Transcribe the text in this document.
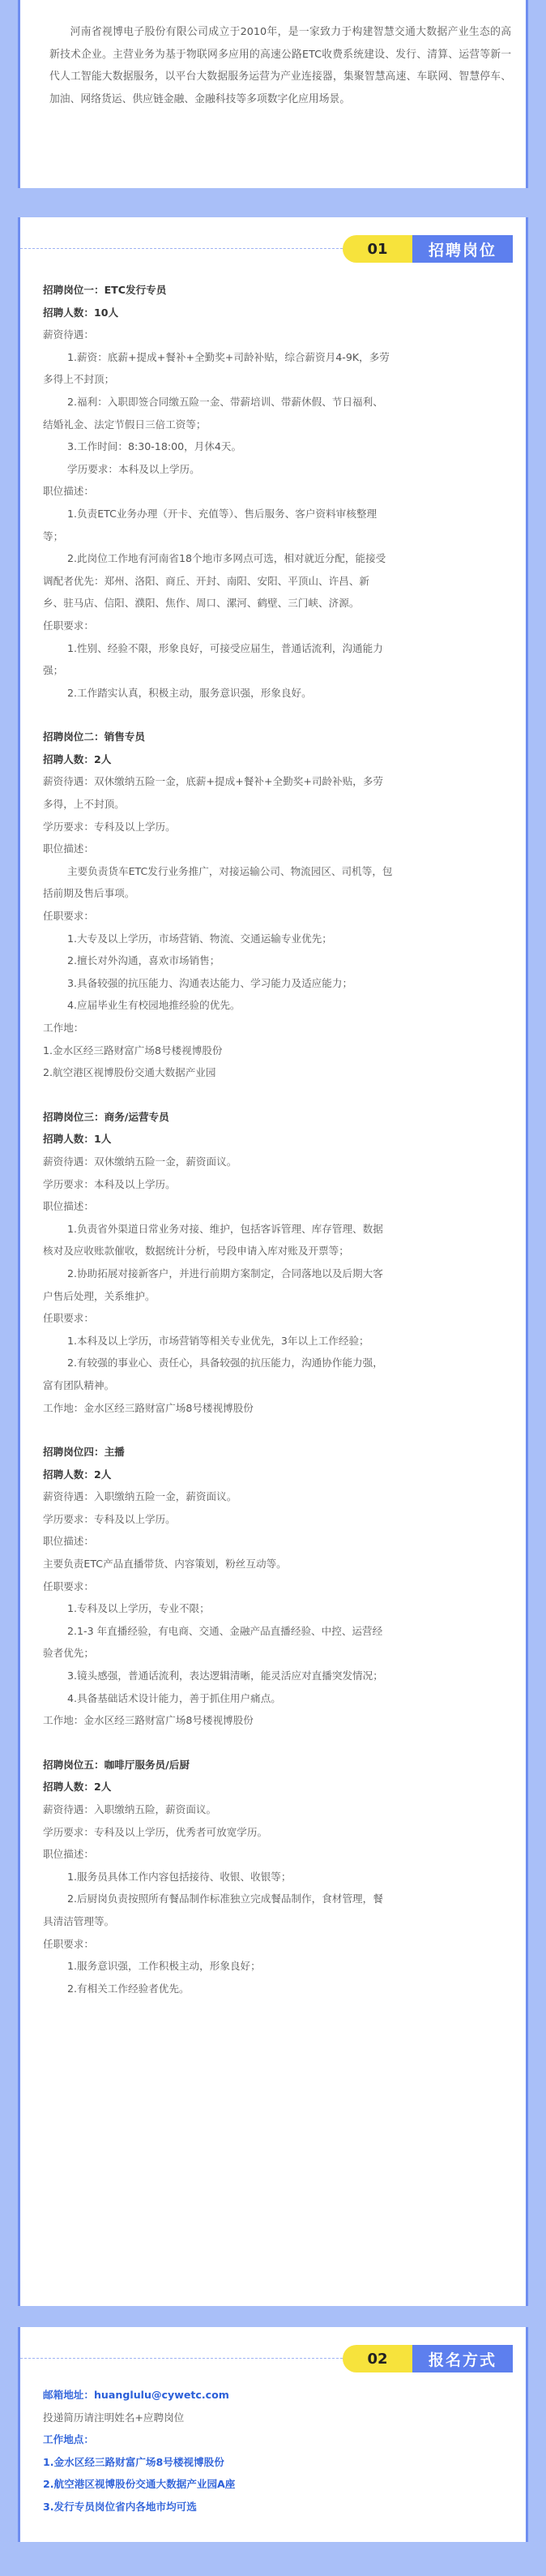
河南省视博电子股份有限公司成立于2010年，是一家致力于构建智慧交通大数据产业生态的高新技术企业。主营业务为基于物联网多应用的高速公路ETC收费系统建设、发行、清算、运营等新一代人工智能大数据服务，以平台大数据服务运营为产业连接器，集聚智慧高速、车联网、智慧停车、加油、网络货运、供应链金融、金融科技等多项数字化应用场景。

01	招聘岗位
招聘岗位一：ETC发行专员
招聘人数：10人
薪资待遇：
1.薪资：底薪+提成+餐补+全勤奖+司龄补贴，综合薪资月4-9K，多劳
多得上不封顶；
2.福利：入职即签合同缴五险一金、带薪培训、带薪休假、节日福利、
结婚礼金、法定节假日三倍工资等；
3.工作时间：8:30-18:00，月休4天。
学历要求：本科及以上学历。
职位描述：
1.负责ETC业务办理（开卡、充值等）、售后服务、客户资料审核整理
等；
2.此岗位工作地有河南省18个地市多网点可选，相对就近分配，能接受
调配者优先：郑州、洛阳、商丘、开封、南阳、安阳、平顶山、许昌、新
乡、驻马店、信阳、濮阳、焦作、周口、漯河、鹤壁、三门峡、济源。
任职要求：
1.性别、经验不限，形象良好，可接受应届生，普通话流利，沟通能力
强；
2.工作踏实认真，积极主动，服务意识强，形象良好。
招聘岗位二：销售专员
招聘人数：2人
薪资待遇：双休缴纳五险一金，底薪+提成+餐补+全勤奖+司龄补贴，多劳
多得，上不封顶。
学历要求：专科及以上学历。
职位描述：
主要负责货车ETC发行业务推广，对接运输公司、物流园区、司机等，包
括前期及售后事项。
任职要求：
1.大专及以上学历，市场营销、物流、交通运输专业优先；
2.擅长对外沟通，喜欢市场销售；
3.具备较强的抗压能力、沟通表达能力、学习能力及适应能力；
4.应届毕业生有校园地推经验的优先。
工作地：
1.金水区经三路财富广场8号楼视博股份
2.航空港区视博股份交通大数据产业园
招聘岗位三：商务/运营专员
招聘人数：1人
薪资待遇：双休缴纳五险一金，薪资面议。
学历要求：本科及以上学历。
职位描述：
1.负责省外渠道日常业务对接、维护，包括客诉管理、库存管理、数据
核对及应收账款催收，数据统计分析，号段申请入库对账及开票等；
2.协助拓展对接新客户，并进行前期方案制定，合同落地以及后期大客
户售后处理，关系维护。
任职要求：
1.本科及以上学历，市场营销等相关专业优先，3年以上工作经验；
2.有较强的事业心、责任心，具备较强的抗压能力，沟通协作能力强，
富有团队精神。
工作地：金水区经三路财富广场8号楼视博股份
招聘岗位四：主播
招聘人数：2人
薪资待遇：入职缴纳五险一金，薪资面议。
学历要求：专科及以上学历。
职位描述：
主要负责ETC产品直播带货、内容策划，粉丝互动等。
任职要求：
1.专科及以上学历，专业不限；
2.1-3 年直播经验，有电商、交通、金融产品直播经验、中控、运营经
验者优先；
3.镜头感强，普通话流利，表达逻辑清晰，能灵活应对直播突发情况；
4.具备基础话术设计能力，善于抓住用户痛点。
工作地：金水区经三路财富广场8号楼视博股份
招聘岗位五：咖啡厅服务员/后厨
招聘人数：2人
薪资待遇：入职缴纳五险，薪资面议。
学历要求：专科及以上学历，优秀者可放宽学历。
职位描述：
1.服务员具体工作内容包括接待、收银、收银等；
2.后厨岗负责按照所有餐品制作标准独立完成餐品制作，食材管理，餐
具清洁管理等。
任职要求：
1.服务意识强，工作积极主动，形象良好；
2.有相关工作经验者优先。
02	报名方式
邮箱地址：huanglulu@cywetc.com
投递简历请注明姓名+应聘岗位
工作地点：
1.金水区经三路财富广场8号楼视博股份
2.航空港区视博股份交通大数据产业园A座
3.发行专员岗位省内各地市均可选
